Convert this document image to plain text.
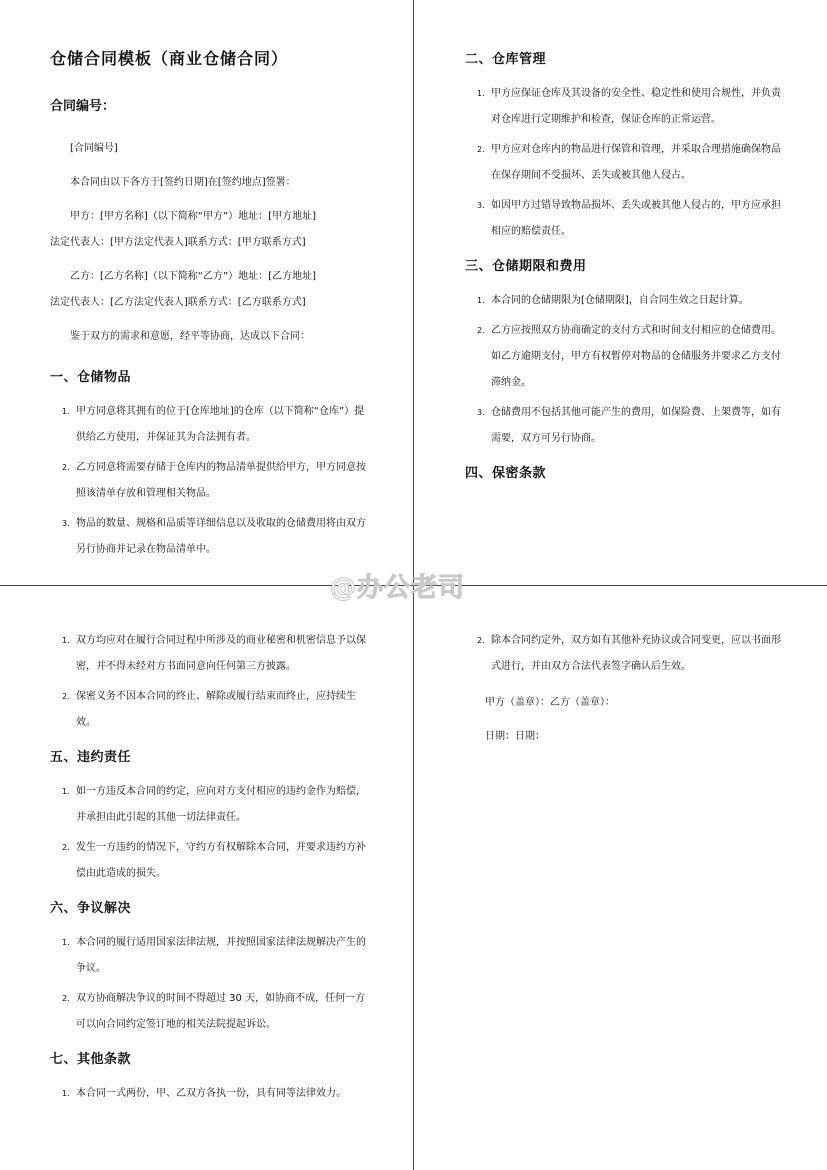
仓储合同模板（商业仓储合同）
合同编号：

[合同编号]

本合同由以下各方于[签约日期]在[签约地点]签署：

甲方：[甲方名称]（以下简称“甲方”）地址：[甲方地址]

法定代表人：[甲方法定代表人]联系方式：[甲方联系方式]

乙方：[乙方名称]（以下简称“乙方”）地址：[乙方地址]

法定代表人：[乙方法定代表人]联系方式：[乙方联系方式]

鉴于双方的需求和意愿，经平等协商，达成以下合同：

一、仓储物品
1. 甲方同意将其拥有的位于[仓库地址]的仓库（以下简称“仓库”）提供给乙方使用，并保证其为合法拥有者。
2. 乙方同意将需要存储于仓库内的物品清单提供给甲方，甲方同意按照该清单存放和管理相关物品。
3. 物品的数量、规格和品质等详细信息以及收取的仓储费用将由双方另行协商并记录在物品清单中。
二、仓库管理
1. 甲方应保证仓库及其设备的安全性、稳定性和使用合规性，并负责对仓库进行定期维护和检查，保证仓库的正常运营。
2. 甲方应对仓库内的物品进行保管和管理，并采取合理措施确保物品在保存期间不受损坏、丢失或被其他人侵占。
3. 如因甲方过错导致物品损坏、丢失或被其他人侵占的，甲方应承担相应的赔偿责任。
三、仓储期限和费用
1. 本合同的仓储期限为[仓储期限]，自合同生效之日起计算。
2. 乙方应按照双方协商确定的支付方式和时间支付相应的仓储费用。如乙方逾期支付，甲方有权暂停对物品的仓储服务并要求乙方支付滞纳金。
3. 仓储费用不包括其他可能产生的费用，如保险费、上架费等，如有需要，双方可另行协商。
四、保密条款
@办公老司
1. 双方均应对在履行合同过程中所涉及的商业秘密和机密信息予以保密，并不得未经对方书面同意向任何第三方披露。
2. 保密义务不因本合同的终止、解除或履行结束而终止，应持续生效。
五、违约责任
1. 如一方违反本合同的约定，应向对方支付相应的违约金作为赔偿，并承担由此引起的其他一切法律责任。
2. 发生一方违约的情况下，守约方有权解除本合同，并要求违约方补偿由此造成的损失。
六、争议解决
1. 本合同的履行适用国家法律法规，并按照国家法律法规解决产生的争议。
2. 双方协商解决争议的时间不得超过 30 天，如协商不成，任何一方可以向合同约定签订地的相关法院提起诉讼。
七、其他条款
1. 本合同一式两份，甲、乙双方各执一份，具有同等法律效力。
2. 除本合同约定外，双方如有其他补充协议或合同变更，应以书面形式进行，并由双方合法代表签字确认后生效。

甲方（盖章）：乙方（盖章）：

日期：日期：
